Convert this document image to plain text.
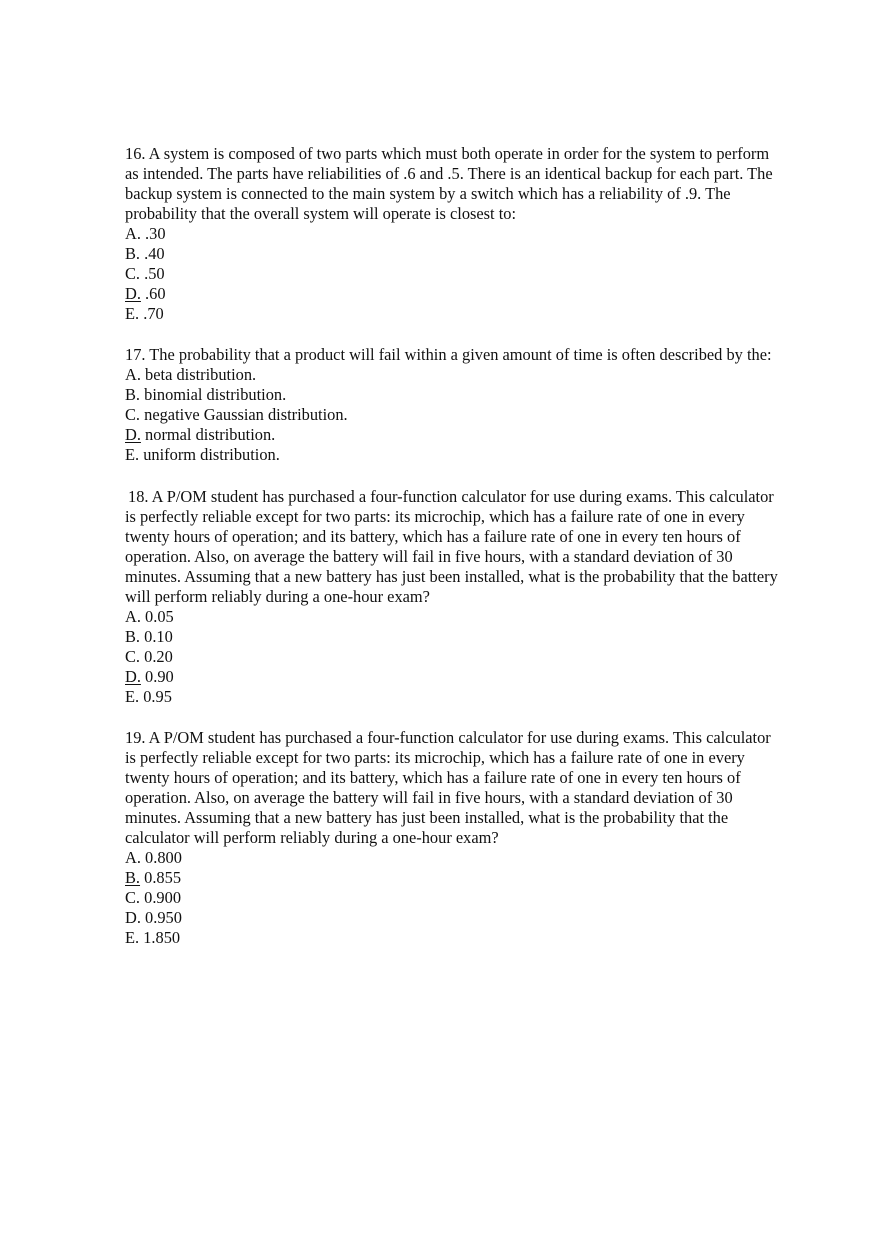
16. A system is composed of two parts which must both operate in order for the system to perform as intended. The parts have reliabilities of .6 and .5. There is an identical backup for each part. The backup system is connected to the main system by a switch which has a reliability of .9. The probability that the overall system will operate is closest to:

A. .30
B. .40
C. .50
D. .60
E. .70

17. The probability that a product will fail within a given amount of time is often described by the:

A. beta distribution.
B. binomial distribution.
C. negative Gaussian distribution.
D. normal distribution.
E. uniform distribution.

18. A P/OM student has purchased a four-function calculator for use during exams. This calculator is perfectly reliable except for two parts: its microchip, which has a failure rate of one in every twenty hours of operation; and its battery, which has a failure rate of one in every ten hours of operation. Also, on average the battery will fail in five hours, with a standard deviation of 30 minutes. Assuming that a new battery has just been installed, what is the probability that the battery will perform reliably during a one-hour exam?

A. 0.05
B. 0.10
C. 0.20
D. 0.90
E. 0.95

19. A P/OM student has purchased a four-function calculator for use during exams. This calculator is perfectly reliable except for two parts: its microchip, which has a failure rate of one in every twenty hours of operation; and its battery, which has a failure rate of one in every ten hours of operation. Also, on average the battery will fail in five hours, with a standard deviation of 30 minutes. Assuming that a new battery has just been installed, what is the probability that the calculator will perform reliably during a one-hour exam?

A. 0.800
B. 0.855
C. 0.900
D. 0.950
E. 1.850
